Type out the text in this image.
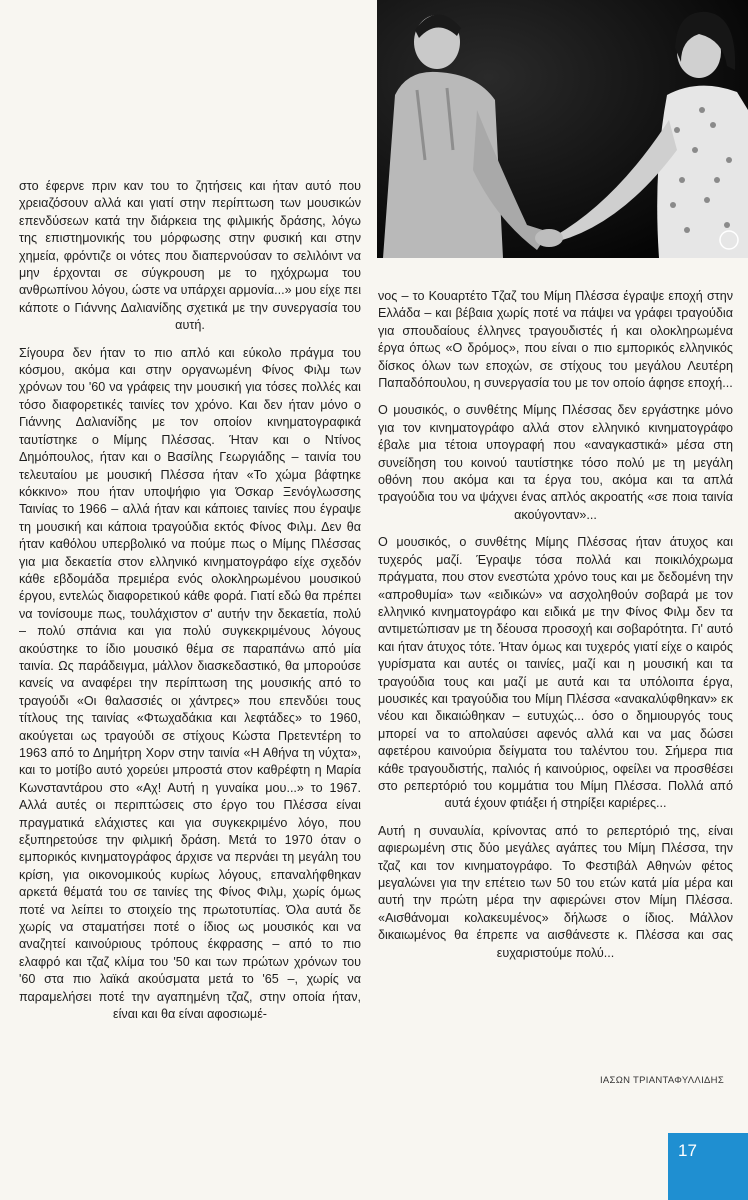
στο έφερνε πριν καν του το ζητήσεις και ήταν αυτό που χρειαζόσουν αλλά και γιατί στην περίπτωση των μουσικών επενδύσεων κατά την διάρκεια της φιλμικής δράσης, λόγω της επιστημονικής του μόρφωσης στην φυσική και στην χημεία, φρόντιζε οι νότες που διαπερνούσαν το σελιλόιντ να μην έρχονται σε σύγκρουση με το ηχόχρωμα του ανθρωπίνου λόγου, ώστε να υπάρχει αρμονία...» μου είχε πει κάποτε ο Γιάννης Δαλιανίδης σχετικά με την συνεργασία του αυτή.

Σίγουρα δεν ήταν το πιο απλό και εύκολο πράγμα του κόσμου, ακόμα και στην οργανωμένη Φίνος Φιλμ των χρόνων του '60 να γράφεις την μουσική για τόσες πολλές και τόσο διαφορετικές ταινίες τον χρόνο. Και δεν ήταν μόνο ο Γιάννης Δαλιανίδης με τον οποίον κινηματογραφικά ταυτίστηκε ο Μίμης Πλέσσας. Ήταν και ο Ντίνος Δημόπουλος, ήταν και ο Βασίλης Γεωργιάδης – ταινία του τελευταίου με μουσική Πλέσσα ήταν «Το χώμα βάφτηκε κόκκινο» που ήταν υποψήφιο για Όσκαρ Ξενόγλωσσης Ταινίας το 1966 – αλλά ήταν και κάποιες ταινίες που έγραψε τη μουσική και κάποια τραγούδια εκτός Φίνος Φιλμ. Δεν θα ήταν καθόλου υπερβολικό να πούμε πως ο Μίμης Πλέσσας για μια δεκαετία στον ελληνικό κινηματογράφο είχε σχεδόν κάθε εβδομάδα πρεμιέρα ενός ολοκληρωμένου μουσικού έργου, εντελώς διαφορετικού κάθε φορά. Γιατί εδώ θα πρέπει να τονίσουμε πως, τουλάχιστον σ' αυτήν την δεκαετία, πολύ – πολύ σπάνια και για πολύ συγκεκριμένους λόγους ακούστηκε το ίδιο μουσικό θέμα σε παραπάνω από μία ταινία. Ως παράδειγμα, μάλλον διασκεδαστικό, θα μπορούσε κανείς να αναφέρει την περίπτωση της μουσικής από το τραγούδι «Οι θαλασσιές οι χάντρες» που επενδύει τους τίτλους της ταινίας «Φτωχαδάκια και λεφτάδες» το 1960, ακούγεται ως τραγούδι σε στίχους Κώστα Πρετεντέρη το 1963 από το Δημήτρη Χορν στην ταινία «Η Αθήνα τη νύχτα», και το μοτίβο αυτό χορεύει μπροστά στον καθρέφτη η Μαρία Κωνσταντάρου στο «Αχ! Αυτή η γυναίκα μου...» το 1967. Αλλά αυτές οι περιπτώσεις στο έργο του Πλέσσα είναι πραγματικά ελάχιστες και για συγκεκριμένο λόγο, που εξυπηρετούσε την φιλμική δράση. Μετά το 1970 όταν ο εμπορικός κινηματογράφος άρχισε να περνάει τη μεγάλη του κρίση, για οικονομικούς κυρίως λόγους, επαναλήφθηκαν αρκετά θέματά του σε ταινίες της Φίνος Φιλμ, χωρίς όμως ποτέ να λείπει το στοιχείο της πρωτοτυπίας. Όλα αυτά δε χωρίς να σταματήσει ποτέ ο ίδιος ως μουσικός και να αναζητεί καινούριους τρόπους έκφρασης – από το πιο ελαφρό και τζαζ κλίμα του '50 και των πρώτων χρόνων του '60 στα πιο λαϊκά ακούσματα μετά το '65 –, χωρίς να παραμελήσει ποτέ την αγαπημένη τζαζ, στην οποία ήταν, είναι και θα είναι αφοσιωμέ-

νος – το Κουαρτέτο Τζαζ του Μίμη Πλέσσα έγραψε εποχή στην Ελλάδα – και βέβαια χωρίς ποτέ να πάψει να γράφει τραγούδια για σπουδαίους έλληνες τραγουδιστές ή και ολοκληρωμένα έργα όπως «Ο δρόμος», που είναι ο πιο εμπορικός ελληνικός δίσκος όλων των εποχών, σε στίχους του μεγάλου Λευτέρη Παπαδόπουλου, η συνεργασία του με τον οποίο άφησε εποχή...

Ο μουσικός, ο συνθέτης Μίμης Πλέσσας δεν εργάστηκε μόνο για τον κινηματογράφο αλλά στον ελληνικό κινηματογράφο έβαλε μια τέτοια υπογραφή που «αναγκαστικά» μέσα στη συνείδηση του κοινού ταυτίστηκε τόσο πολύ με τη μεγάλη οθόνη που ακόμα και τα έργα του, ακόμα και τα απλά τραγούδια του να ψάχνει ένας απλός ακροατής «σε ποια ταινία ακούγονταν»...

Ο μουσικός, ο συνθέτης Μίμης Πλέσσας ήταν άτυχος και τυχερός μαζί. Έγραψε τόσα πολλά και ποικιλόχρωμα πράγματα, που στον ενεστώτα χρόνο τους και με δεδομένη την «απροθυμία» των «ειδικών» να ασχοληθούν σοβαρά με τον ελληνικό κινηματογράφο και ειδικά με την Φίνος Φιλμ δεν τα αντιμετώπισαν με τη δέουσα προσοχή και σοβαρότητα. Γι' αυτό και ήταν άτυχος τότε. Ήταν όμως και τυχερός γιατί είχε ο καιρός γυρίσματα και αυτές οι ταινίες, μαζί και η μουσική και τα τραγούδια τους και μαζί με αυτά και τα υπόλοιπα έργα, μουσικές και τραγούδια του Μίμη Πλέσσα «ανακαλύφθηκαν» εκ νέου και δικαιώθηκαν – ευτυχώς... όσο ο δημιουργός τους μπορεί να το απολαύσει αφενός αλλά και να μας δώσει αφετέρου καινούρια δείγματα του ταλέντου του. Σήμερα πια κάθε τραγουδιστής, παλιός ή καινούριος, οφείλει να προσθέσει στο ρεπερτόριό του κομμάτια του Μίμη Πλέσσα. Πολλά από αυτά έχουν φτιάξει ή στηρίξει καριέρες...

Αυτή η συναυλία, κρίνοντας από το ρεπερτόριό της, είναι αφιερωμένη στις δύο μεγάλες αγάπες του Μίμη Πλέσσα, την τζαζ και τον κινηματογράφο. Το Φεστιβάλ Αθηνών φέτος μεγαλώνει για την επέτειο των 50 του ετών κατά μία μέρα και αυτή την πρώτη μέρα την αφιερώνει στον Μίμη Πλέσσα. «Αισθάνομαι κολακευμένος» δήλωσε ο ίδιος. Μάλλον δικαιωμένος θα έπρεπε να αισθάνεστε κ. Πλέσσα και σας ευχαριστούμε πολύ...

ΙΑΣΩΝ ΤΡΙΑΝΤΑΦΥΛΛΙΔΗΣ
17
